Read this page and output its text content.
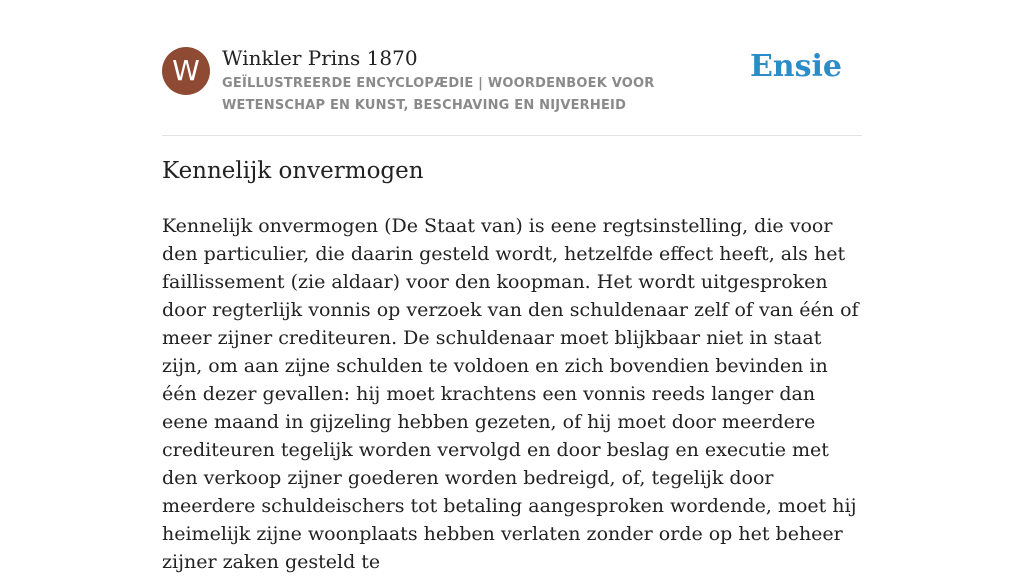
W	Winkler Prins 1870
GEÏLLUSTREERDE ENCYCLOPÆDIE | WOORDENBOEK VOOR WETENSCHAP EN KUNST, BESCHAVING EN NIJVERHEID
Ensie
Kennelijk onvermogen

Kennelijk onvermogen (De Staat van) is eene regtsinstelling, die voor den particulier, die daarin gesteld wordt, hetzelfde effect heeft, als het faillissement (zie aldaar) voor den koopman. Het wordt uitgesproken door regterlijk vonnis op verzoek van den schuldenaar zelf of van één of meer zijner crediteuren. De schuldenaar moet blijkbaar niet in staat zijn, om aan zijne schulden te voldoen en zich bovendien bevinden in één dezer gevallen: hij moet krachtens een vonnis reeds langer dan eene maand in gijzeling hebben gezeten, of hij moet door meerdere crediteuren tegelijk worden vervolgd en door beslag en executie met den verkoop zijner goederen worden bedreigd, of, tegelijk door meerdere schuldeischers tot betaling aangesproken wordende, moet hij heimelijk zijne woonplaats hebben verlaten zonder orde op het beheer zijner zaken gesteld te
